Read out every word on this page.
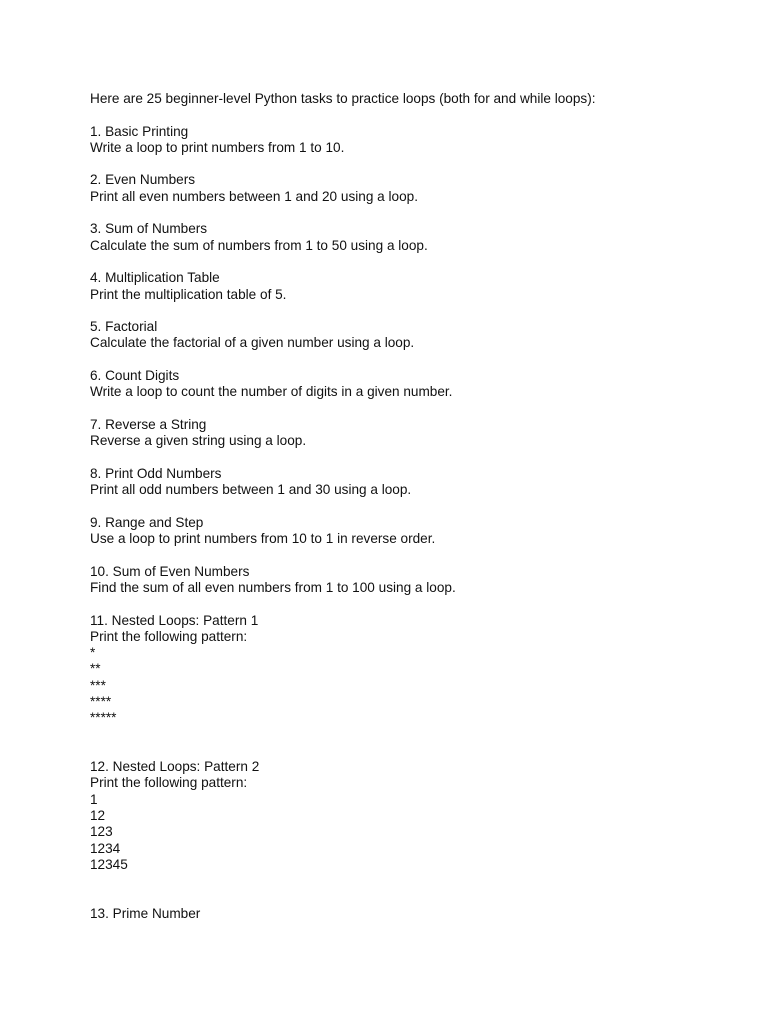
Here are 25 beginner-level Python tasks to practice loops (both for and while loops):

1. Basic Printing

Write a loop to print numbers from 1 to 10.

2. Even Numbers

Print all even numbers between 1 and 20 using a loop.

3. Sum of Numbers

Calculate the sum of numbers from 1 to 50 using a loop.

4. Multiplication Table

Print the multiplication table of 5.

5. Factorial

Calculate the factorial of a given number using a loop.

6. Count Digits

Write a loop to count the number of digits in a given number.

7. Reverse a String

Reverse a given string using a loop.

8. Print Odd Numbers

Print all odd numbers between 1 and 30 using a loop.

9. Range and Step

Use a loop to print numbers from 10 to 1 in reverse order.

10. Sum of Even Numbers

Find the sum of all even numbers from 1 to 100 using a loop.

11. Nested Loops: Pattern 1

Print the following pattern:

*

**

***

****

*****

12. Nested Loops: Pattern 2

Print the following pattern:

1

12

123

1234

12345

13. Prime Number
